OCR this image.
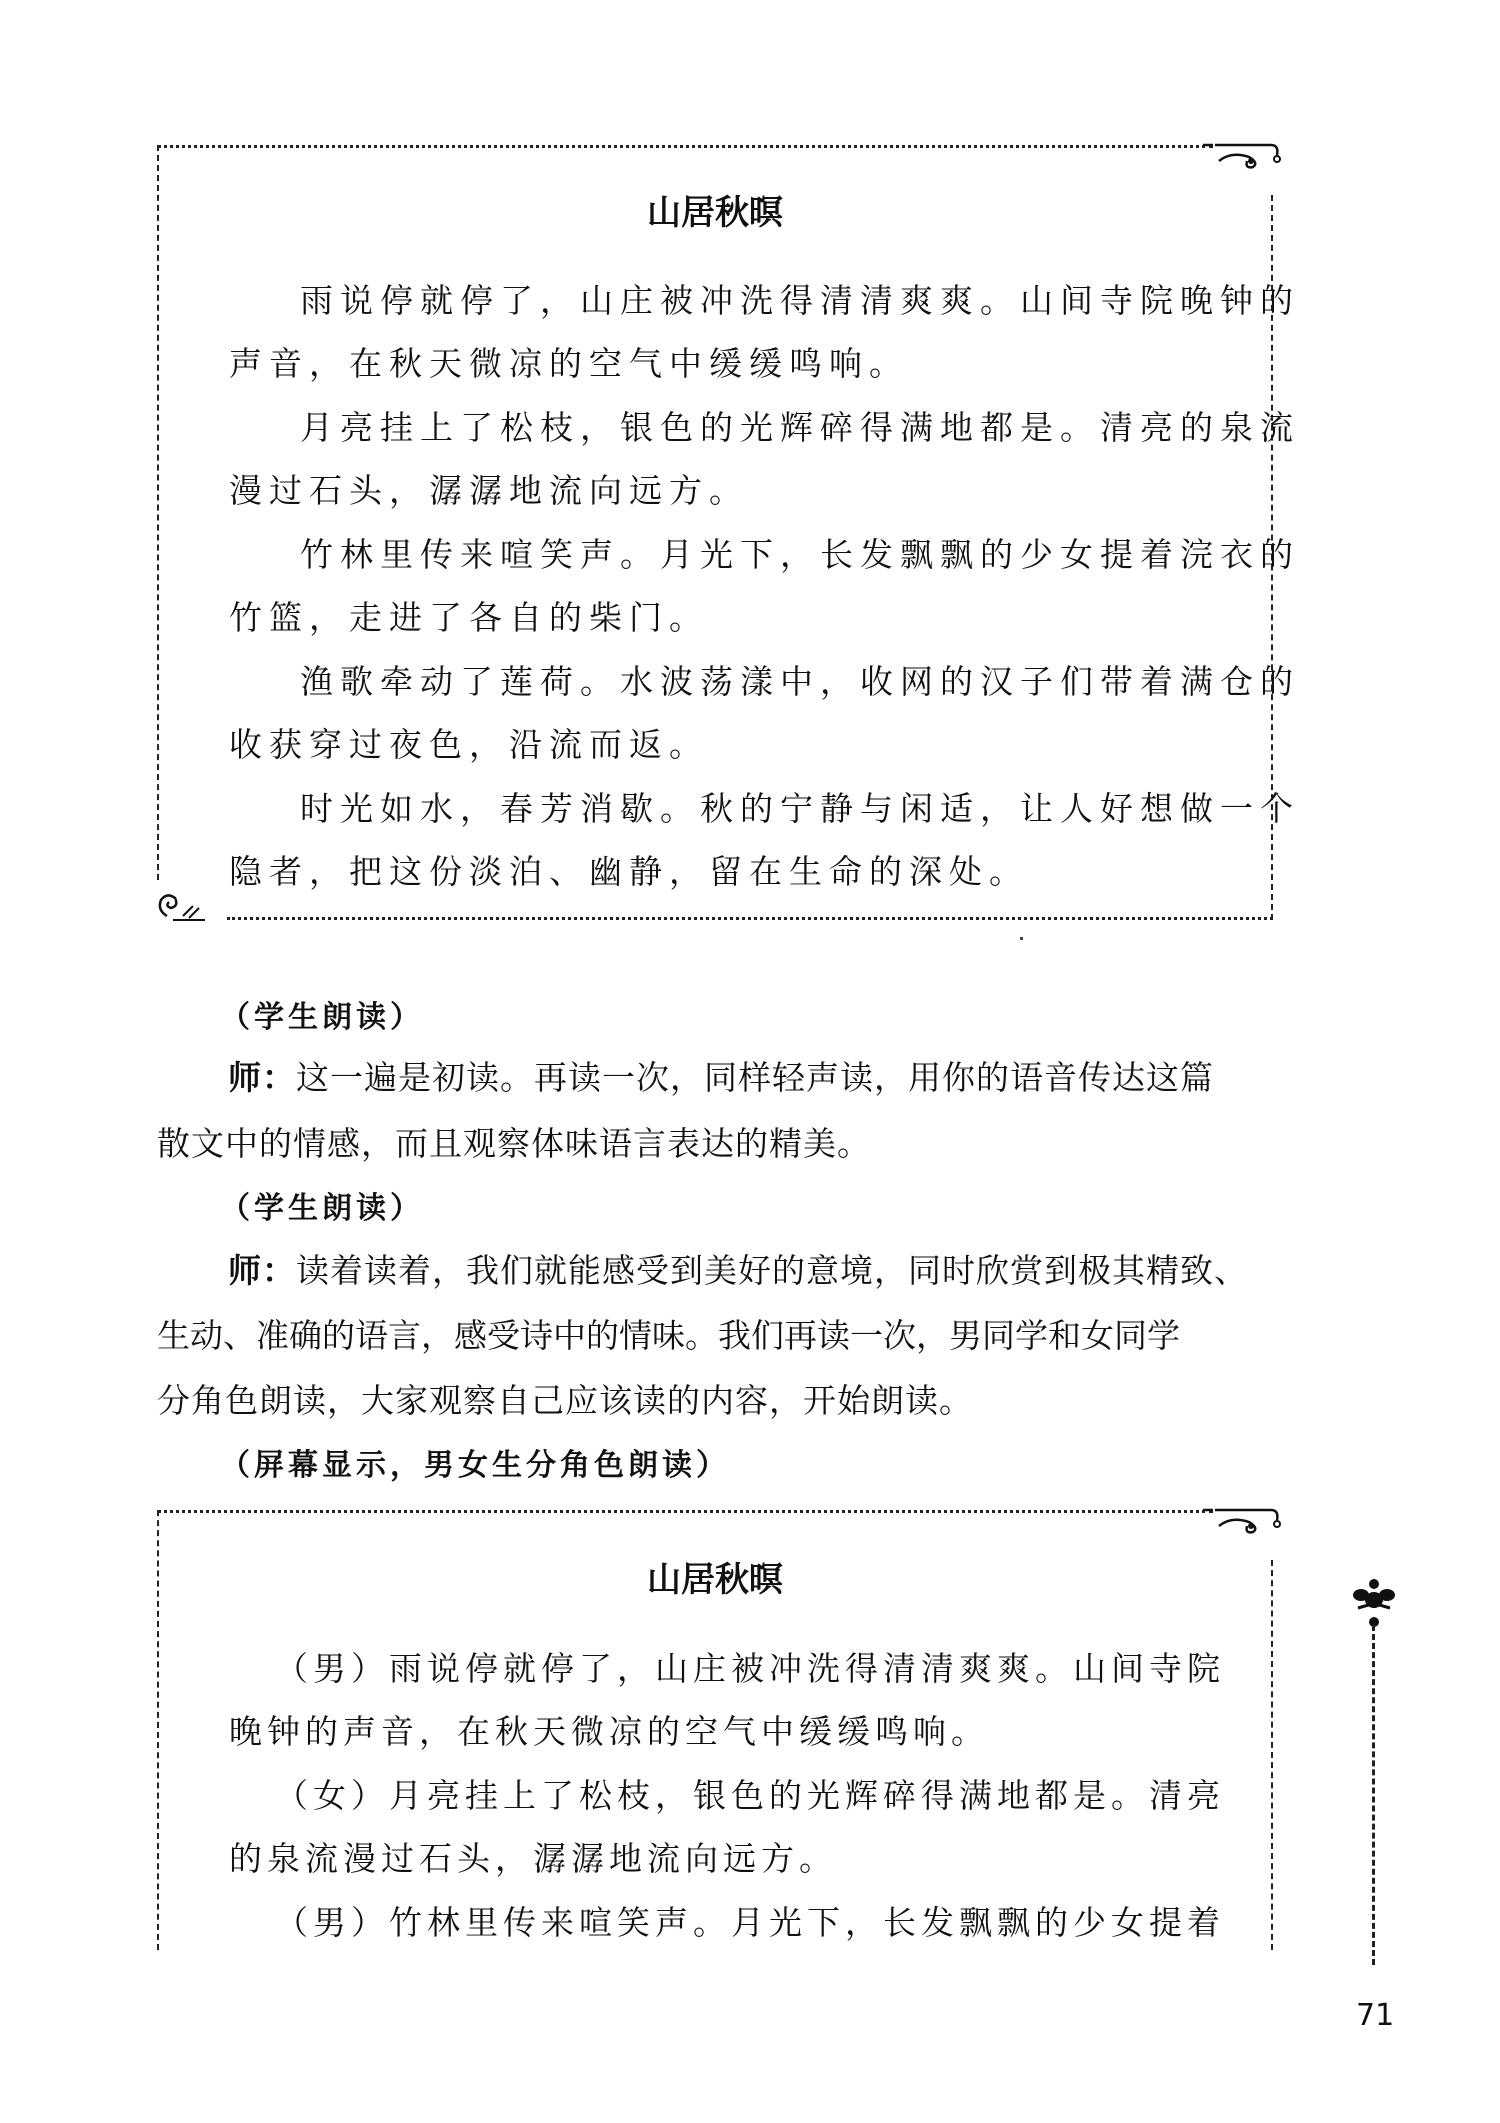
山居秋暝
雨说停就停了，山庄被冲洗得清清爽爽。山间寺院晚钟的
声音，在秋天微凉的空气中缓缓鸣响。
月亮挂上了松枝，银色的光辉碎得满地都是。清亮的泉流
漫过石头，潺潺地流向远方。
竹林里传来喧笑声。月光下，长发飘飘的少女提着浣衣的
竹篮，走进了各自的柴门。
渔歌牵动了莲荷。水波荡漾中，收网的汉子们带着满仓的
收获穿过夜色，沿流而返。
时光如水，春芳消歇。秋的宁静与闲适，让人好想做一个
隐者，把这份淡泊、幽静，留在生命的深处。
（学生朗读）
师：这一遍是初读。再读一次，同样轻声读，用你的语音传达这篇
散文中的情感，而且观察体味语言表达的精美。
（学生朗读）
师：读着读着，我们就能感受到美好的意境，同时欣赏到极其精致、
生动、准确的语言，感受诗中的情味。我们再读一次，男同学和女同学
分角色朗读，大家观察自己应该读的内容，开始朗读。
（屏幕显示，男女生分角色朗读）
山居秋暝
（男）雨说停就停了，山庄被冲洗得清清爽爽。山间寺院
晚钟的声音，在秋天微凉的空气中缓缓鸣响。
（女）月亮挂上了松枝，银色的光辉碎得满地都是。清亮
的泉流漫过石头，潺潺地流向远方。
（男）竹林里传来喧笑声。月光下，长发飘飘的少女提着
71
